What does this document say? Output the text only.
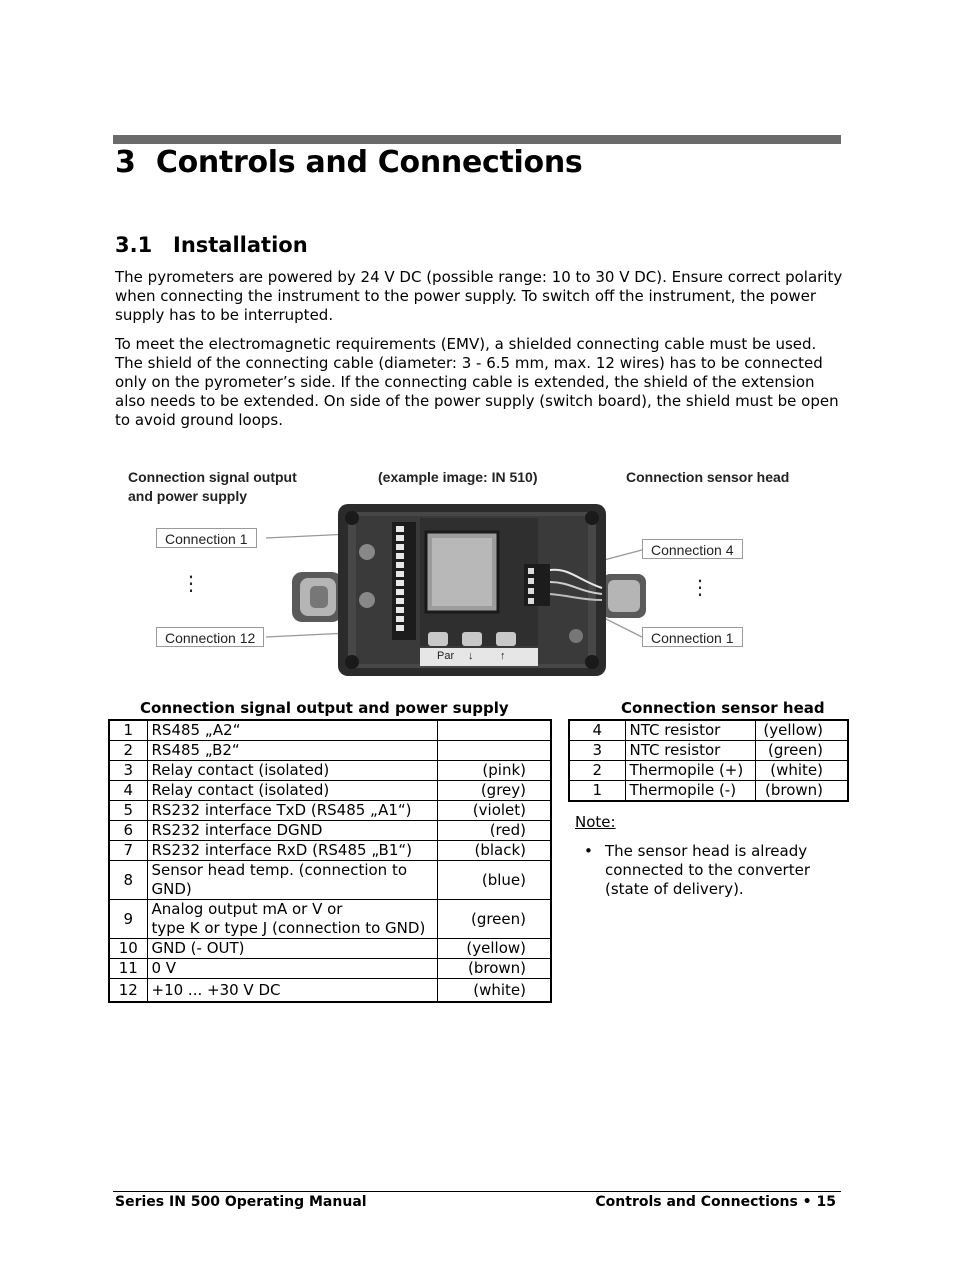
3 Controls and Connections
3.1 Installation
The pyrometers are powered by 24 V DC (possible range: 10 to 30 V DC). Ensure correct polarity when connecting the instrument to the power supply. To switch off the instrument, the power supply has to be interrupted.
To meet the electromagnetic requirements (EMV), a shielded connecting cable must be used. The shield of the connecting cable (diameter: 3 - 6.5 mm, max. 12 wires) has to be connected only on the pyrometer’s side. If the connecting cable is extended, the shield of the extension also needs to be extended. On side of the power supply (switch board), the shield must be open to avoid ground loops.
Connection signal output
and power supply
(example image: IN 510)	Connection sensor head
Par ↓ ↑
Connection 1
Connection 12
Connection 4
Connection 1
⋮	⋮
Connection signal output and power supply	Connection sensor head
1	RS485 „A2“	
2	RS485 „B2“	
3	Relay contact (isolated)	(pink)
4	Relay contact (isolated)	(grey)
5	RS232 interface TxD (RS485 „A1“)	(violet)
6	RS232 interface DGND	(red)
7	RS232 interface RxD (RS485 „B1“)	(black)
8	Sensor head temp. (connection to GND)	(blue)
9	Analog output mA or V or
type K or type J (connection to GND)	(green)
10	GND (- OUT)	(yellow)
11	0 V	(brown)
12	+10 ... +30 V DC	(white)
4	NTC resistor	(yellow)
3	NTC resistor	(green)
2	Thermopile (+)	(white)
1	Thermopile (-)	(brown)
Note:
• The sensor head is already connected to the converter (state of delivery).
Series IN 500 Operating Manual	Controls and Connections • 15
